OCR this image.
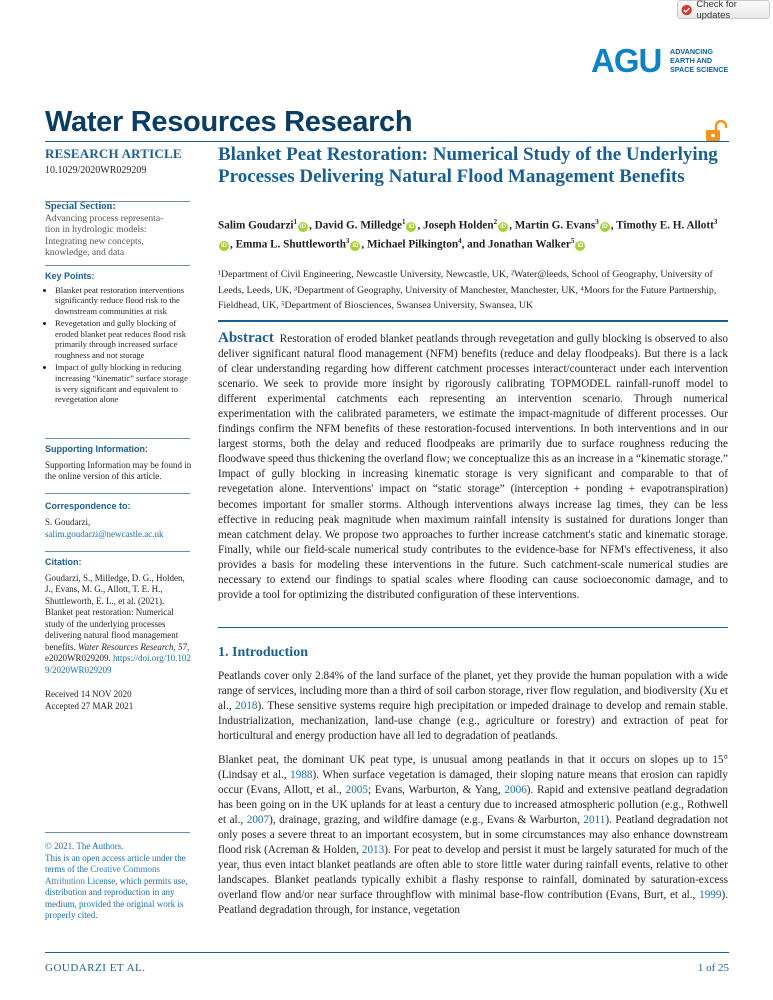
Check for updates
AGU ADVANCING
EARTH AND
SPACE SCIENCE
Water Resources Research
RESEARCH ARTICLE
10.1029/2020WR029209
Special Section:
Advancing process representa-tion in hydrologic models: Integrating new concepts, knowledge, and data
Key Points:
• Blanket peat restoration interventions significantly reduce flood risk to the downstream communities at risk
• Revegetation and gully blocking of eroded blanket peat reduces flood risk primarily through increased surface roughness and not storage
• Impact of gully blocking in reducing increasing “kinematic” surface storage is very significant and equivalent to revegetation alone
Supporting Information:
Supporting Information may be found in the online version of this article.
Correspondence to:
S. Goudarzi,
salim.goudarzi@newcastle.ac.uk
Citation:
Goudarzi, S., Milledge, D. G., Holden, J., Evans, M. G., Allott, T. E. H., Shuttleworth, E. L., et al. (2021). Blanket peat restoration: Numerical study of the underlying processes delivering natural flood management benefits. Water Resources Research, 57, e2020WR029209. https://doi.org/10.1029/2020WR029209
Received 14 NOV 2020
Accepted 27 MAR 2021
© 2021. The Authors.
This is an open access article under the terms of the Creative Commons Attribution License, which permits use, distribution and reproduction in any medium, provided the original work is properly cited.
Blanket Peat Restoration: Numerical Study of the Underlying Processes Delivering Natural Flood Management Benefits
Salim Goudarzi$^1$iD , David G. Milledge$^1$iD , Joseph Holden$^2$iD , Martin G. Evans$^3$iD , Timothy E. H. Allott$^3$iD , Emma L. Shuttleworth$^3$iD , Michael Pilkington$^4$, and Jonathan Walker$^5$iD
¹Department of Civil Engineering, Newcastle University, Newcastle, UK, ²Water@leeds, School of Geography, University of Leeds, Leeds, UK, ³Department of Geography, University of Manchester, Manchester, UK, ⁴Moors for the Future Partnership, Fieldhead, UK, ⁵Department of Biosciences, Swansea University, Swansea, UK
Abstract Restoration of eroded blanket peatlands through revegetation and gully blocking is observed to also deliver significant natural flood management (NFM) benefits (reduce and delay floodpeaks). But there is a lack of clear understanding regarding how different catchment processes interact/counteract under each intervention scenario. We seek to provide more insight by rigorously calibrating TOPMODEL rainfall-runoff model to different experimental catchments each representing an intervention scenario. Through numerical experimentation with the calibrated parameters, we estimate the impact-magnitude of different processes. Our findings confirm the NFM benefits of these restoration-focused interventions. In both interventions and in our largest storms, both the delay and reduced floodpeaks are primarily due to surface roughness reducing the floodwave speed thus thickening the overland flow; we conceptualize this as an increase in a “kinematic storage.” Impact of gully blocking in increasing kinematic storage is very significant and comparable to that of revegetation alone. Interventions' impact on “static storage” (interception + ponding + evapotranspiration) becomes important for smaller storms. Although interventions always increase lag times, they can be less effective in reducing peak magnitude when maximum rainfall intensity is sustained for durations longer than mean catchment delay. We propose two approaches to further increase catchment's static and kinematic storage. Finally, while our field-scale numerical study contributes to the evidence-base for NFM's effectiveness, it also provides a basis for modeling these interventions in the future. Such catchment-scale numerical studies are necessary to extend our findings to spatial scales where flooding can cause socioeconomic damage, and to provide a tool for optimizing the distributed configuration of these interventions.
1. Introduction
Peatlands cover only 2.84% of the land surface of the planet, yet they provide the human population with a wide range of services, including more than a third of soil carbon storage, river flow regulation, and biodiversity (Xu et al., 2018). These sensitive systems require high precipitation or impeded drainage to develop and remain stable. Industrialization, mechanization, land-use change (e.g., agriculture or forestry) and extraction of peat for horticultural and energy production have all led to degradation of peatlands.
Blanket peat, the dominant UK peat type, is unusual among peatlands in that it occurs on slopes up to 15° (Lindsay et al., 1988). When surface vegetation is damaged, their sloping nature means that erosion can rapidly occur (Evans, Allott, et al., 2005; Evans, Warburton, & Yang, 2006). Rapid and extensive peatland degradation has been going on in the UK uplands for at least a century due to increased atmospheric pollution (e.g., Rothwell et al., 2007), drainage, grazing, and wildfire damage (e.g., Evans & Warburton, 2011). Peatland degradation not only poses a severe threat to an important ecosystem, but in some circumstances may also enhance downstream flood risk (Acreman & Holden, 2013). For peat to develop and persist it must be largely saturated for much of the year, thus even intact blanket peatlands are often able to store little water during rainfall events, relative to other landscapes. Blanket peatlands typically exhibit a flashy response to rainfall, dominated by saturation-excess overland flow and/or near surface throughflow with minimal base-flow contribution (Evans, Burt, et al., 1999). Peatland degradation through, for instance, vegetation
GOUDARZI ET AL.	1 of 25
